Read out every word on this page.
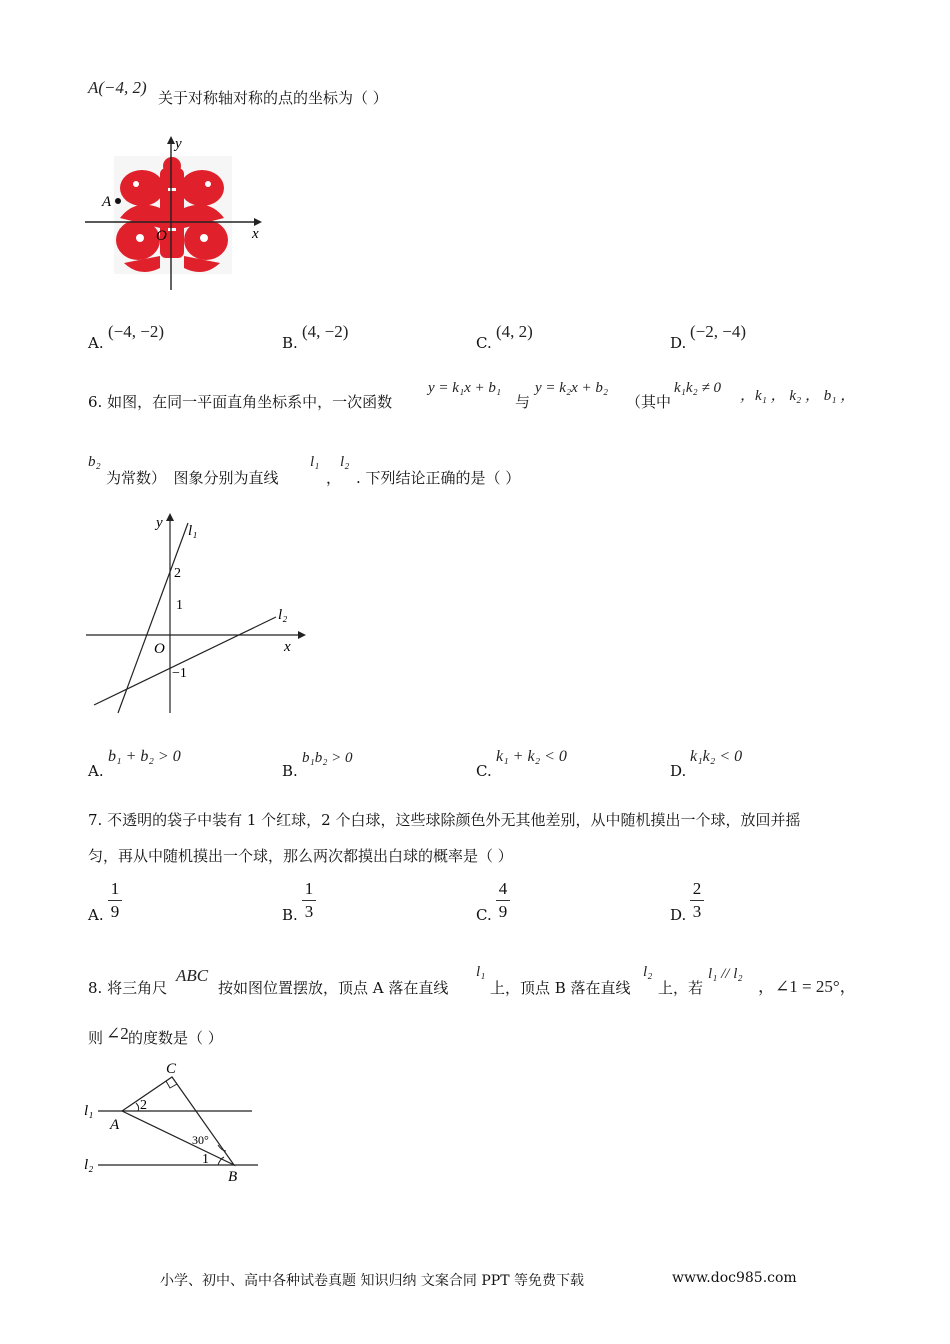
A(−4, 2)
关于对称轴对称的点的坐标为（ ）
y
x
A
O
A.
(−4, −2)
B.
(4, −2)
C.
(4, 2)
D.
(−2, −4)
6. 如图，在同一平面直角坐标系中，一次函数
y = k₁x + b₁
与
y = k₂x + b₂
（其中
k₁k₂ ≠ 0 ，k₁ ， k₂ ， b₁ ，
b₂
为常数）　图象分别为直线
l₁
，
l₂
. 下列结论正确的是（ ）
y
x
O
2
1
−1
l₁
l₂
A.
b₁ + b₂ > 0
B.
b₁b₂ > 0
C.
k₁ + k₂ < 0
D.
k₁k₂ < 0
7. 不透明的袋子中装有 1 个红球，2 个白球，这些球除颜色外无其他差别，从中随机摸出一个球，放回并摇
匀，再从中随机摸出一个球，那么两次都摸出白球的概率是（ ）
A.
1
9	B.
1
3	C.
4
9	D.
2
3
8. 将三角尺
ABC
按如图位置摆放，顶点 A 落在直线
l₁
上，顶点 B 落在直线
l₂
上，若
l₁ // l₂
，∠1 = 25°，
则 ∠2 的度数是（ ）
C
A
B
l₁
l₂
2
30°
1
小学、初中、高中各种试卷真题 知识归纳 文案合同 PPT 等免费下载	www.doc985.com
